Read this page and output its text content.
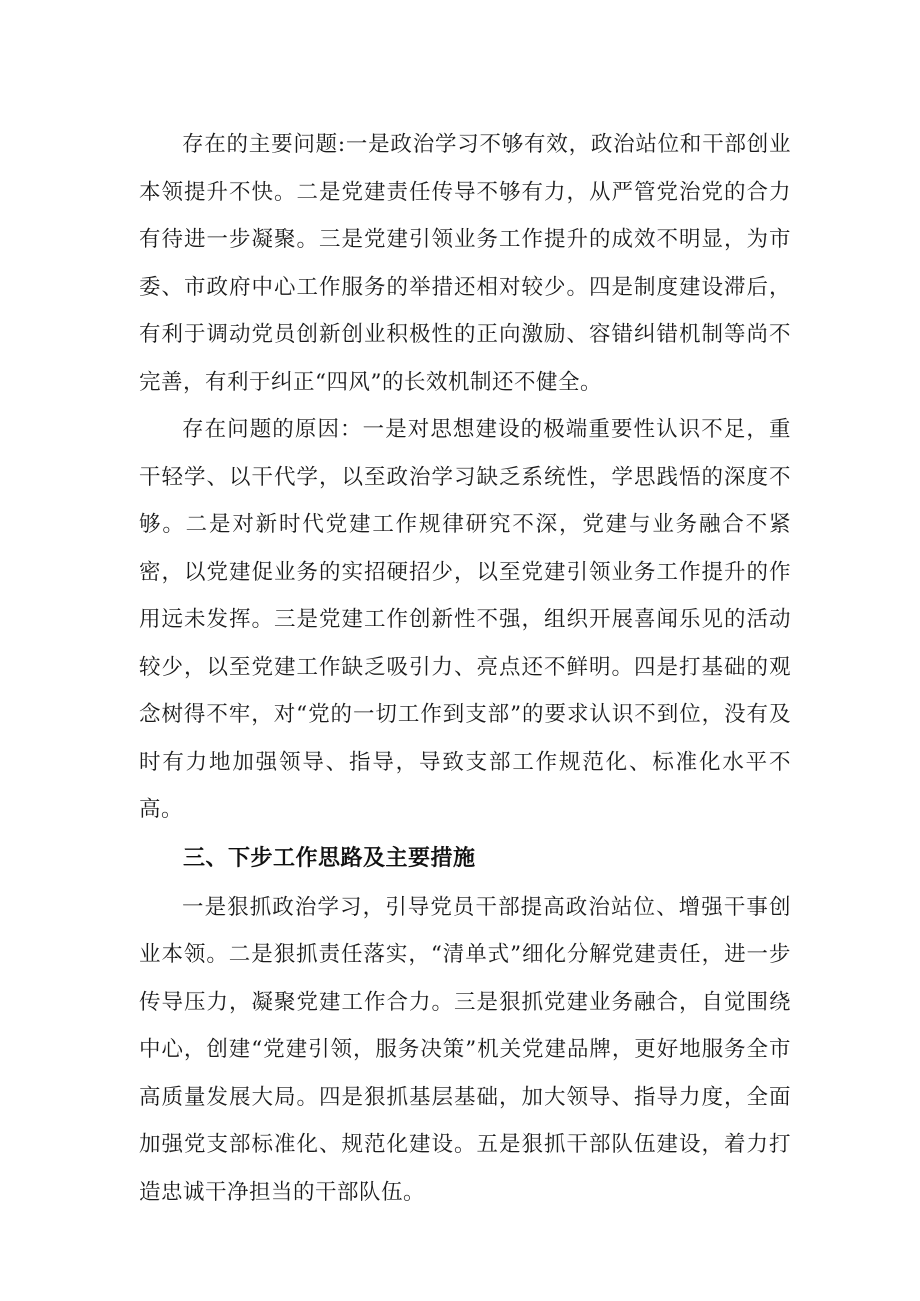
存在的主要问题:一是政治学习不够有效，政治站位和干部创业本领提升不快。二是党建责任传导不够有力，从严管党治党的合力有待进一步凝聚。三是党建引领业务工作提升的成效不明显，为市委、市政府中心工作服务的举措还相对较少。四是制度建设滞后，有利于调动党员创新创业积极性的正向激励、容错纠错机制等尚不完善，有利于纠正“四风”的长效机制还不健全。

存在问题的原因：一是对思想建设的极端重要性认识不足，重干轻学、以干代学，以至政治学习缺乏系统性，学思践悟的深度不够。二是对新时代党建工作规律研究不深，党建与业务融合不紧密，以党建促业务的实招硬招少，以至党建引领业务工作提升的作用远未发挥。三是党建工作创新性不强，组织开展喜闻乐见的活动较少，以至党建工作缺乏吸引力、亮点还不鲜明。四是打基础的观念树得不牢，对“党的一切工作到支部”的要求认识不到位，没有及时有力地加强领导、指导，导致支部工作规范化、标准化水平不高。

三、下步工作思路及主要措施

一是狠抓政治学习，引导党员干部提高政治站位、增强干事创业本领。二是狠抓责任落实，“清单式”细化分解党建责任，进一步传导压力，凝聚党建工作合力。三是狠抓党建业务融合，自觉围绕中心，创建“党建引领，服务决策”机关党建品牌，更好地服务全市高质量发展大局。四是狠抓基层基础，加大领导、指导力度，全面加强党支部标准化、规范化建设。五是狠抓干部队伍建设，着力打造忠诚干净担当的干部队伍。
